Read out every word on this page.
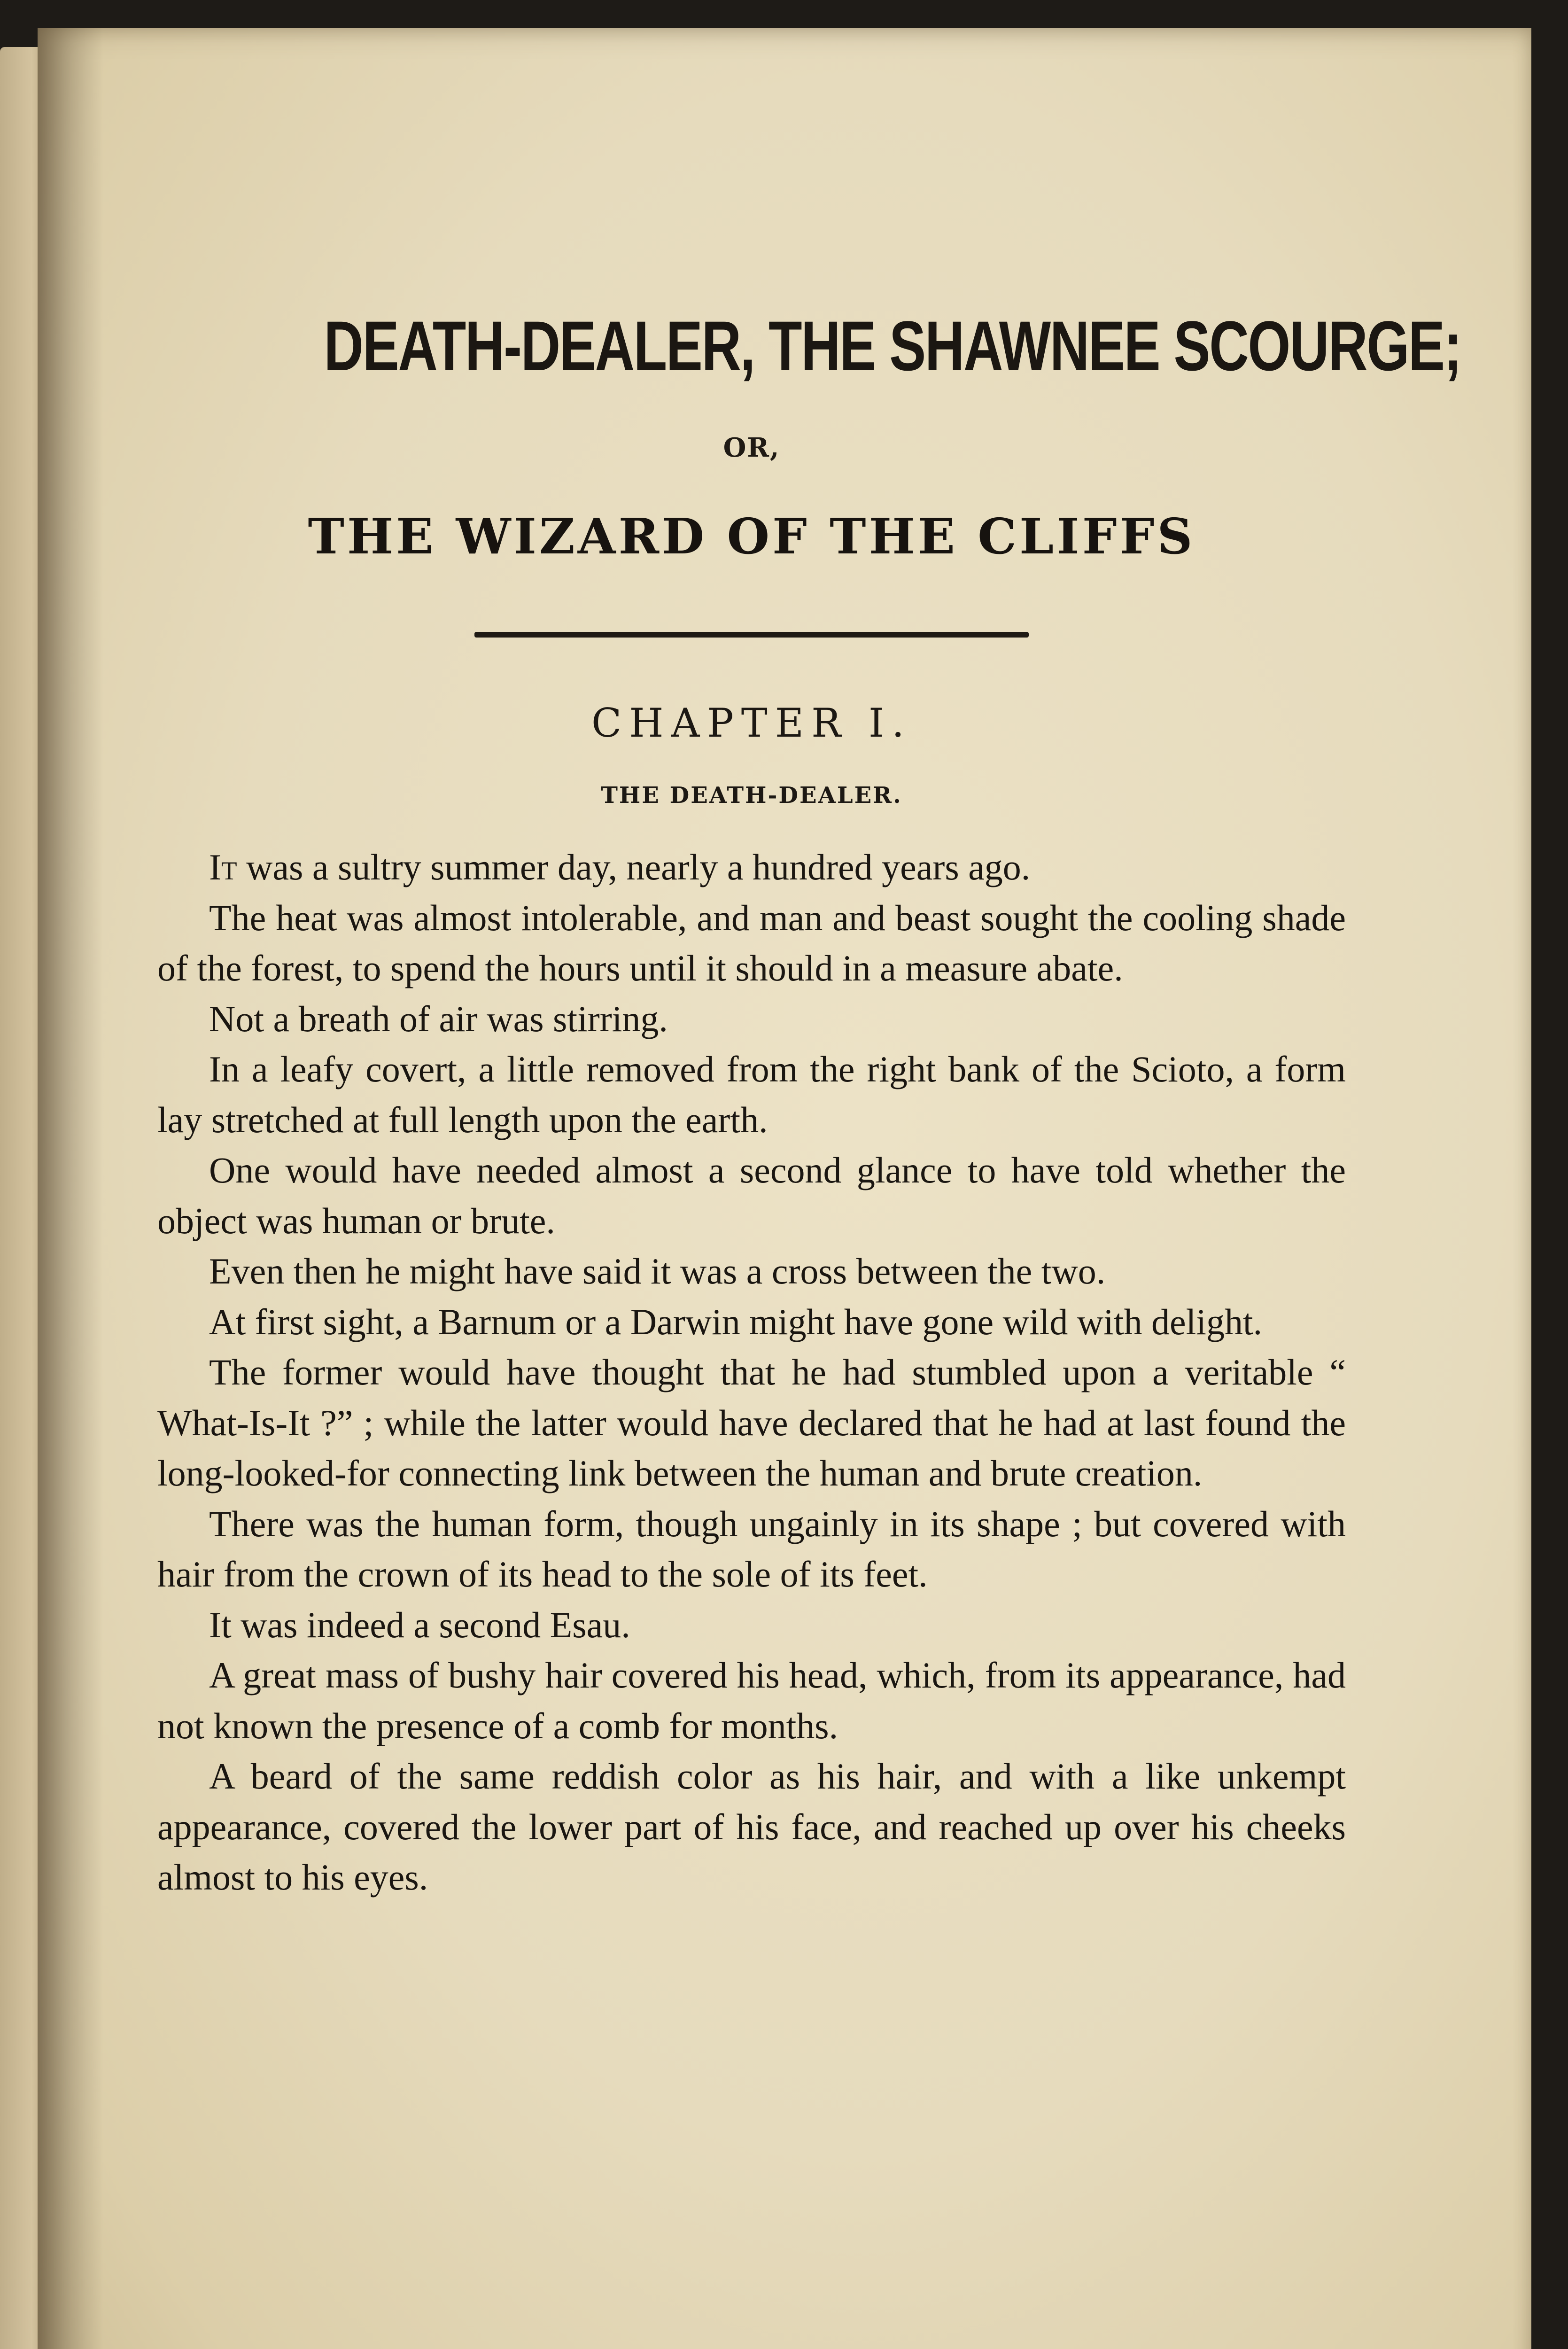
DEATH-DEALER, THE SHAWNEE SCOURGE;
OR,
THE WIZARD OF THE CLIFFS
CHAPTER I.
THE DEATH-DEALER.

It was a sultry summer day, nearly a hundred years ago.

The heat was almost intolerable, and man and beast sought the cooling shade of the forest, to spend the hours until it should in a measure abate.

Not a breath of air was stirring.

In a leafy covert, a little removed from the right bank of the Scioto, a form lay stretched at full length upon the earth.

One would have needed almost a second glance to have told whether the object was human or brute.

Even then he might have said it was a cross between the two.

At first sight, a Barnum or a Darwin might have gone wild with delight.

The former would have thought that he had stumbled upon a veritable “ What-Is-It ?” ; while the latter would have declared that he had at last found the long-looked-for connecting link between the human and brute creation.

There was the human form, though ungainly in its shape ; but covered with hair from the crown of its head to the sole of its feet.

It was indeed a second Esau.

A great mass of bushy hair covered his head, which, from its appearance, had not known the presence of a comb for months.

A beard of the same reddish color as his hair, and with a like unkempt appearance, covered the lower part of his face, and reached up over his cheeks almost to his eyes.
